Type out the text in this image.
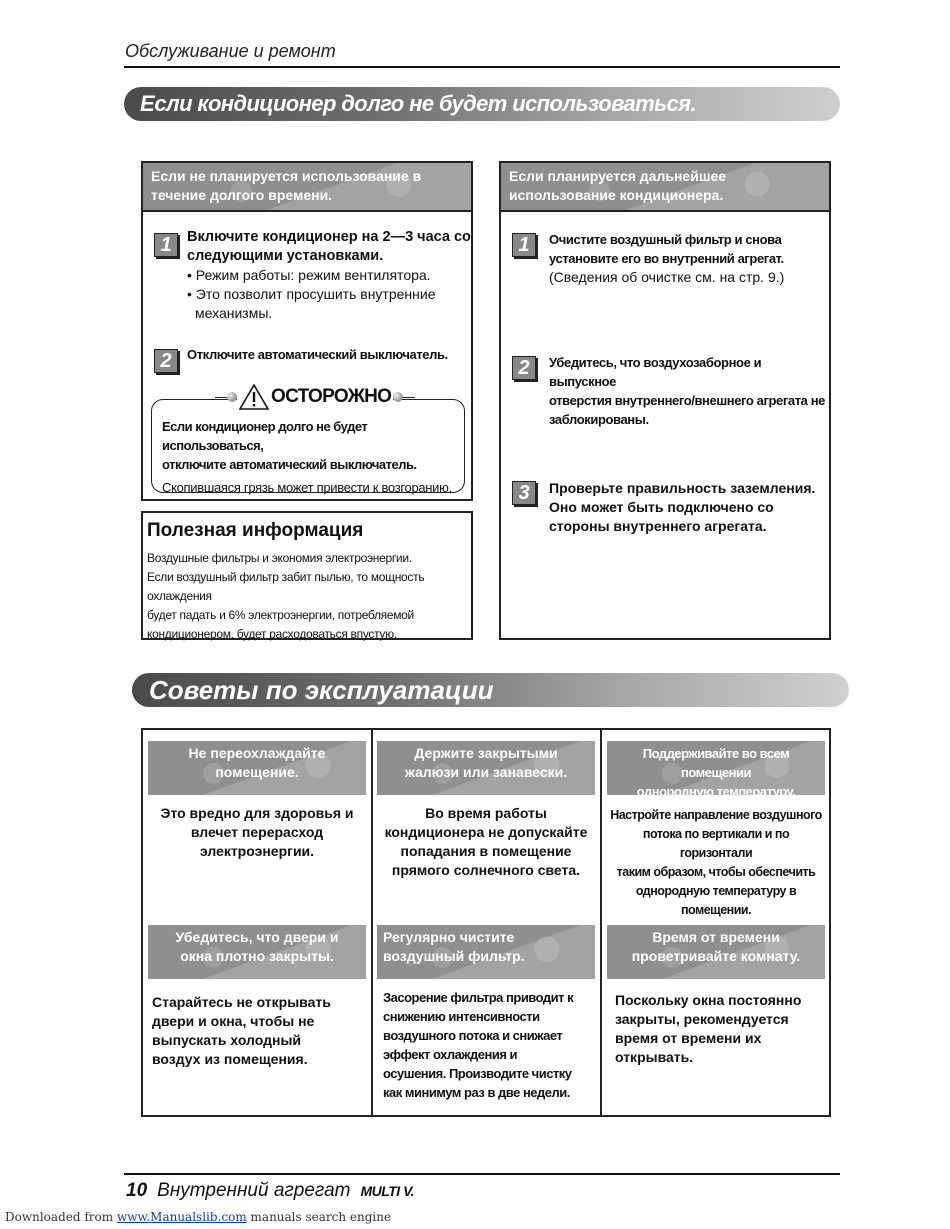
Обслуживание и ремонт
Если кондиционер долго не будет использоваться.
Если не планируется использование в
течение долгого времени.
1	Включите кондиционер на 2—3 часа со
следующими установками.
• Режим работы: режим вентилятора.
• Это позволит просушить внутренние
механизмы.
2	Отключите автоматический выключатель.
Если кондиционер долго не будет использоваться,
отключите автоматический выключатель.
Скопившаяся грязь может привести к возгоранию.
ОСТОРОЖНО
Полезная информация
Воздушные фильтры и экономия электроэнергии.
Если воздушный фильтр забит пылью, то мощность охлаждения
будет падать и 6% электроэнергии, потребляемой
кондиционером, будет расходоваться впустую.
Если планируется дальнейшее
использование кондиционера.
1	Очистите воздушный фильтр и снова
установите его во внутренний агрегат.
(Сведения об очистке см. на стр. 9.)
2	Убедитесь, что воздухозаборное и выпускное
отверстия внутреннего/внешнего агрегата не
заблокированы.
3	Проверьте правильность заземления.
Оно может быть подключено со
стороны внутреннего агрегата.
Советы по эксплуатации
Не переохлаждайте
помещение.
Это вредно для здоровья и
влечет перерасход
электроэнергии.
Держите закрытыми
жалюзи или занавески.
Во время работы
кондиционера не допускайте
попадания в помещение
прямого солнечного света.
Поддерживайте во всем помещении
однородную температуру.
Настройте направление воздушного
потока по вертикали и по горизонтали
таким образом, чтобы обеспечить
однородную температуру в помещении.
Убедитесь, что двери и
окна плотно закрыты.
Старайтесь не открывать
двери и окна, чтобы не
выпускать холодный
воздух из помещения.
Регулярно чистите
воздушный фильтр.
Засорение фильтра приводит к
снижению интенсивности
воздушного потока и снижает
эффект охлаждения и
осушения. Производите чистку
как минимум раз в две недели.
Время от времени
проветривайте комнату.
Поскольку окна постоянно
закрыты, рекомендуется
время от времени их
открывать.
10 Внутренний агрегат MULTI V.
Downloaded from www.Manualslib.com manuals search engine
